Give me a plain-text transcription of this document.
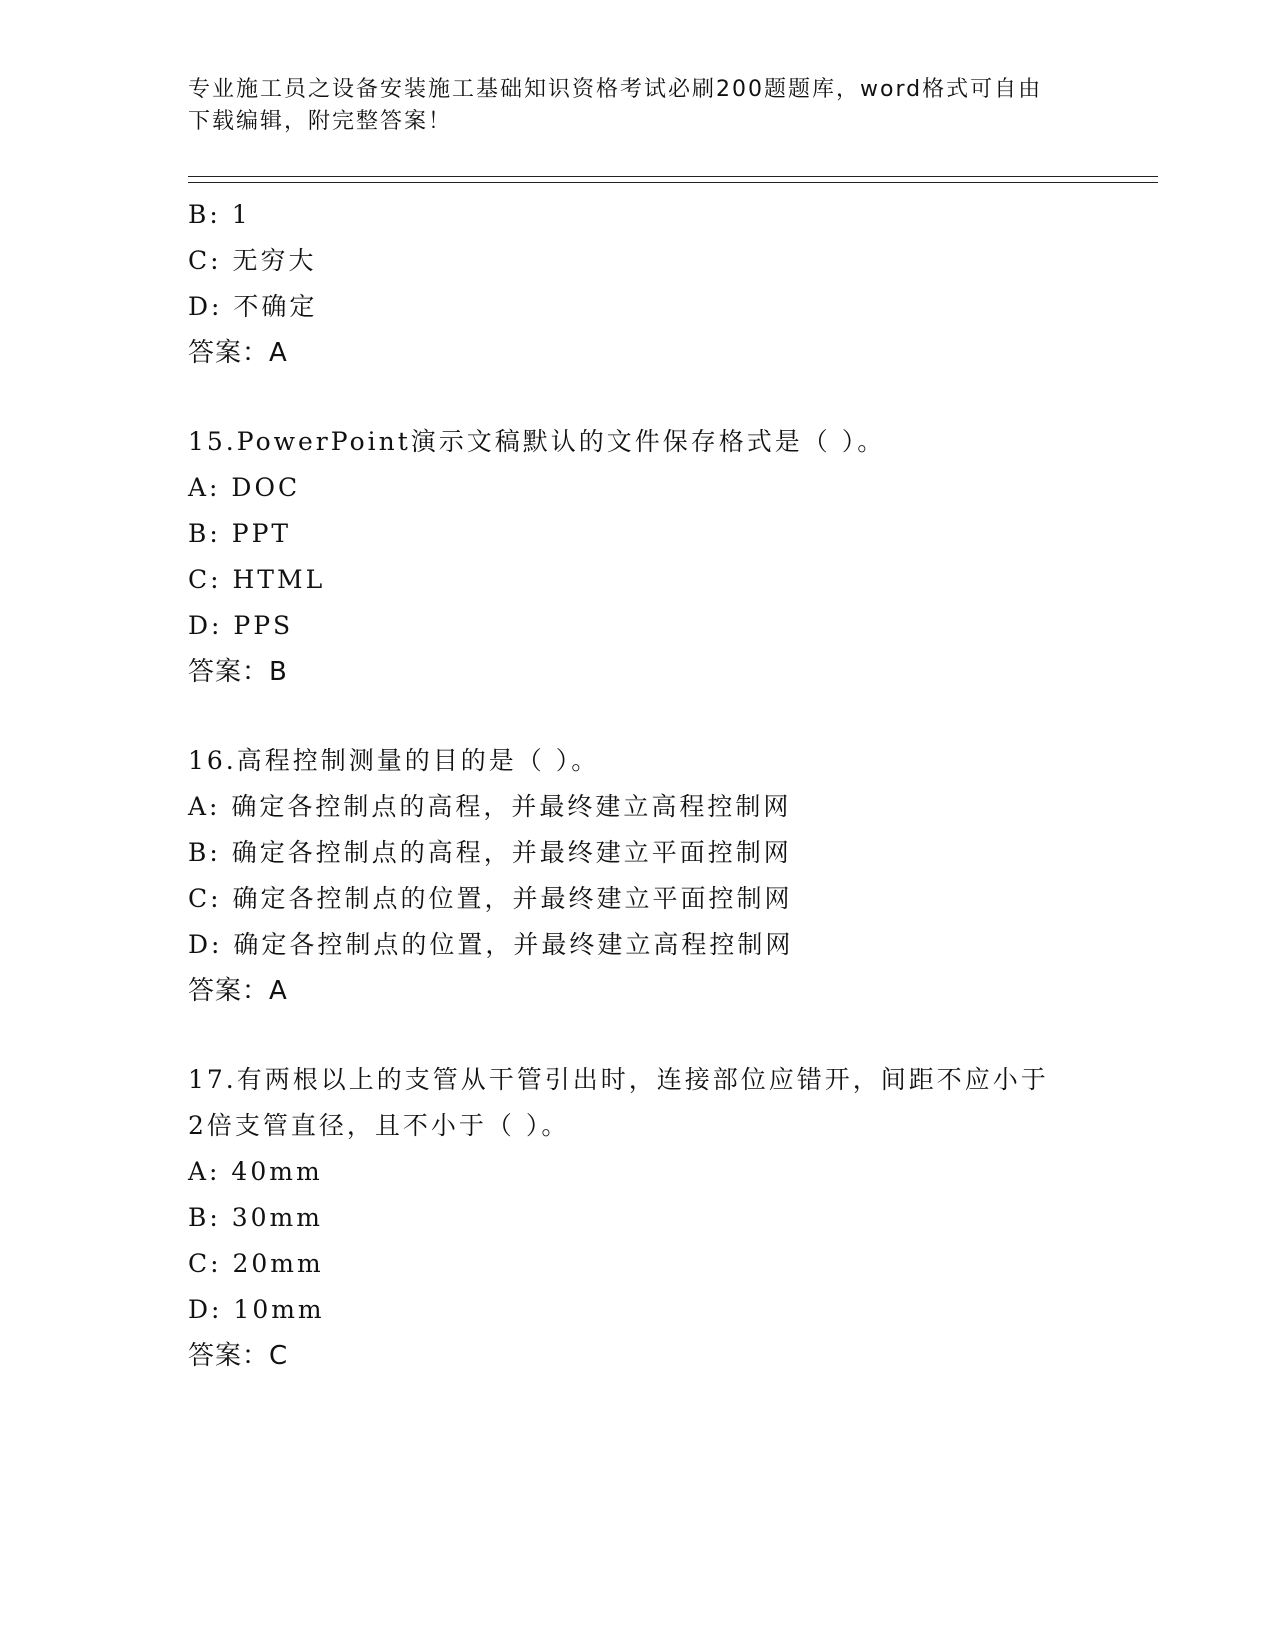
专业施工员之设备安装施工基础知识资格考试必刷200题题库，word格式可自由
下载编辑，附完整答案！
B: 1
C: 无穷大
D: 不确定
答案：A
15.PowerPoint演示文稿默认的文件保存格式是（ ）。
A: DOC
B: PPT
C: HTML
D: PPS
答案：B
16.高程控制测量的目的是（ ）。
A: 确定各控制点的高程，并最终建立高程控制网
B: 确定各控制点的高程，并最终建立平面控制网
C: 确定各控制点的位置，并最终建立平面控制网
D: 确定各控制点的位置，并最终建立高程控制网
答案：A
17.有两根以上的支管从干管引出时，连接部位应错开，间距不应小于
2倍支管直径，且不小于（ ）。
A: 40mm
B: 30mm
C: 20mm
D: 10mm
答案：C
